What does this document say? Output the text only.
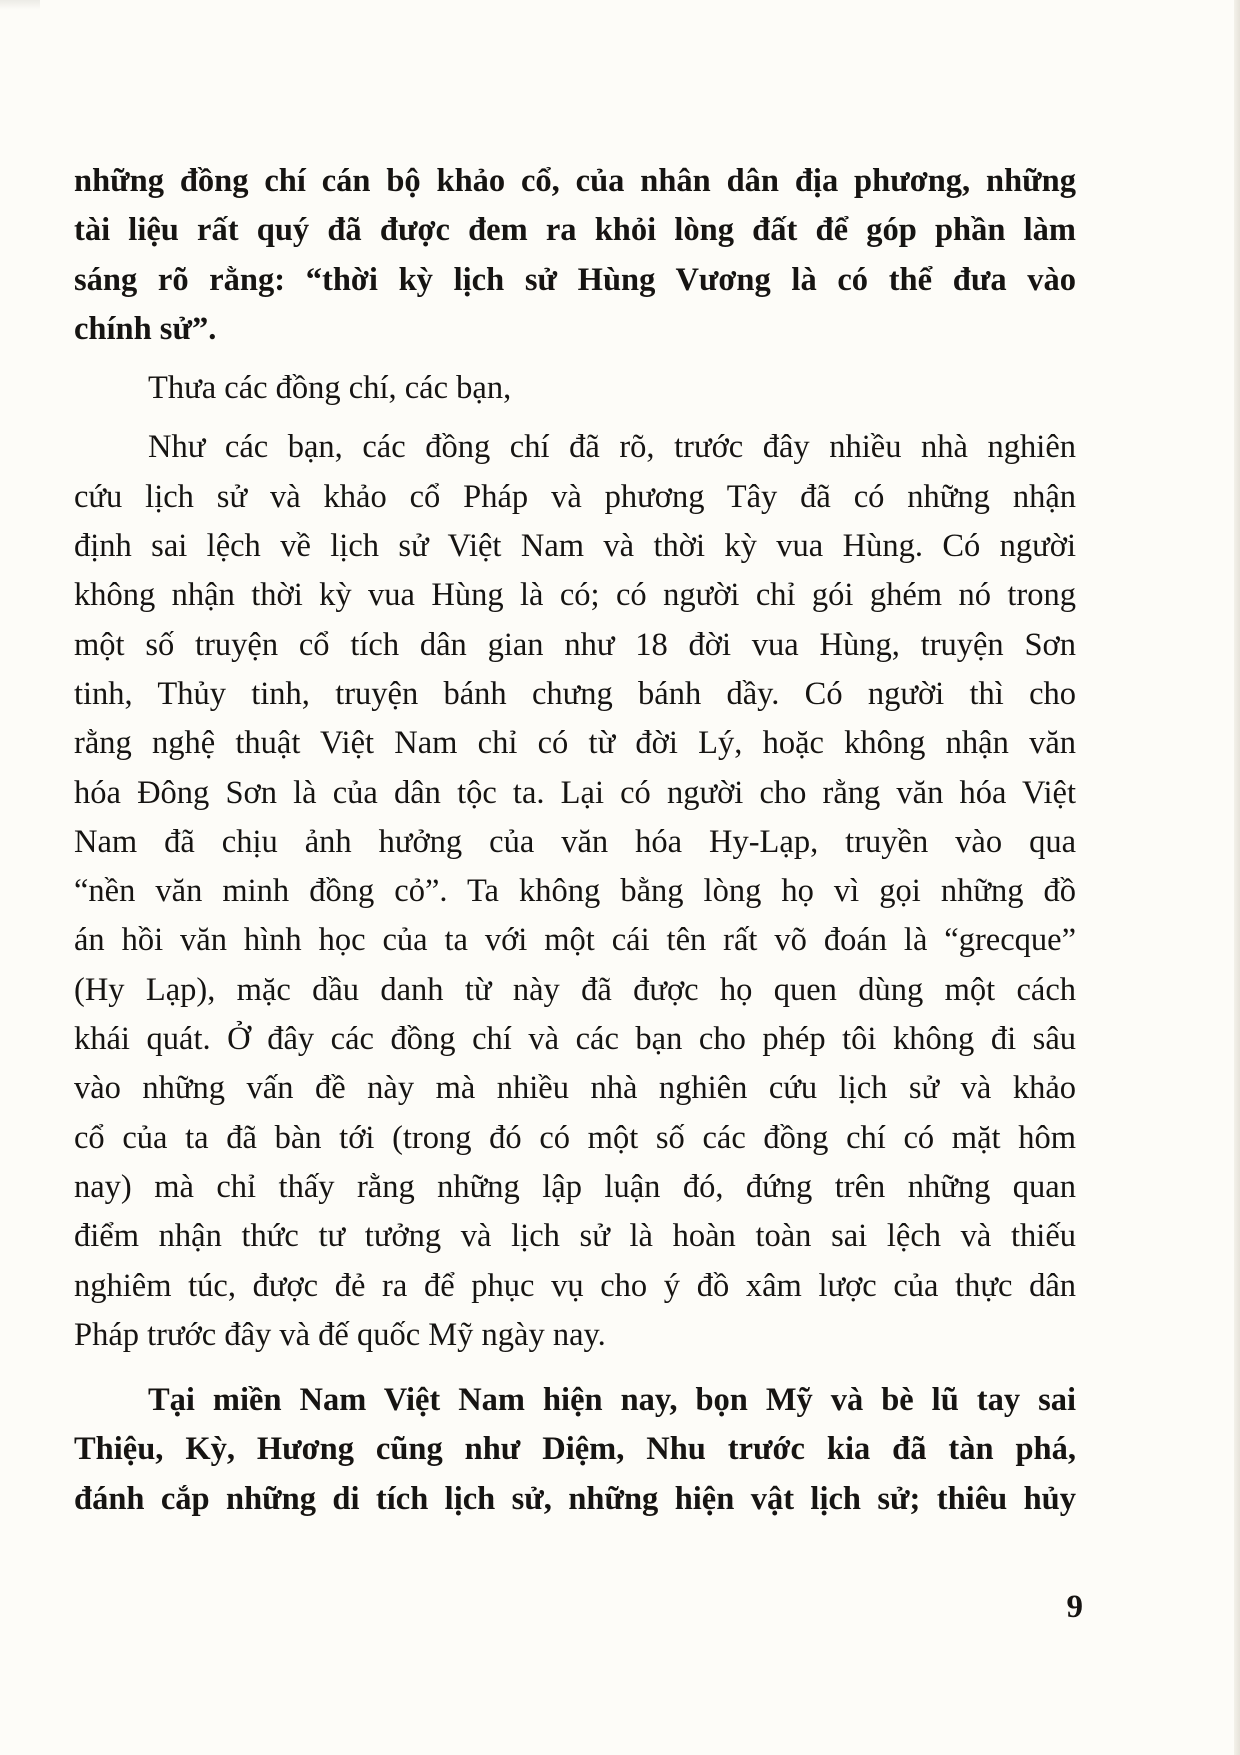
những đồng chí cán bộ khảo cổ, của nhân dân địa phương, những
tài liệu rất quý đã được đem ra khỏi lòng đất để góp phần làm
sáng rõ rằng: “thời kỳ lịch sử Hùng Vương là có thể đưa vào
chính sử”.
Thưa các đồng chí, các bạn,
Như các bạn, các đồng chí đã rõ, trước đây nhiều nhà nghiên
cứu lịch sử và khảo cổ Pháp và phương Tây đã có những nhận
định sai lệch về lịch sử Việt Nam và thời kỳ vua Hùng. Có người
không nhận thời kỳ vua Hùng là có; có người chỉ gói ghém nó trong
một số truyện cổ tích dân gian như 18 đời vua Hùng, truyện Sơn
tinh, Thủy tinh, truyện bánh chưng bánh dầy. Có người thì cho
rằng nghệ thuật Việt Nam chỉ có từ đời Lý, hoặc không nhận văn
hóa Đông Sơn là của dân tộc ta. Lại có người cho rằng văn hóa Việt
Nam đã chịu ảnh hưởng của văn hóa Hy-Lạp, truyền vào qua
“nền văn minh đồng cỏ”. Ta không bằng lòng họ vì gọi những đồ
án hồi văn hình học của ta với một cái tên rất võ đoán là “grecque”
(Hy Lạp), mặc dầu danh từ này đã được họ quen dùng một cách
khái quát. Ở đây các đồng chí và các bạn cho phép tôi không đi sâu
vào những vấn đề này mà nhiều nhà nghiên cứu lịch sử và khảo
cổ của ta đã bàn tới (trong đó có một số các đồng chí có mặt hôm
nay) mà chỉ thấy rằng những lập luận đó, đứng trên những quan
điểm nhận thức tư tưởng và lịch sử là hoàn toàn sai lệch và thiếu
nghiêm túc, được đẻ ra để phục vụ cho ý đồ xâm lược của thực dân
Pháp trước đây và đế quốc Mỹ ngày nay.
Tại miền Nam Việt Nam hiện nay, bọn Mỹ và bè lũ tay sai
Thiệu, Kỳ, Hương cũng như Diệm, Nhu trước kia đã tàn phá,
đánh cắp những di tích lịch sử, những hiện vật lịch sử; thiêu hủy
9
